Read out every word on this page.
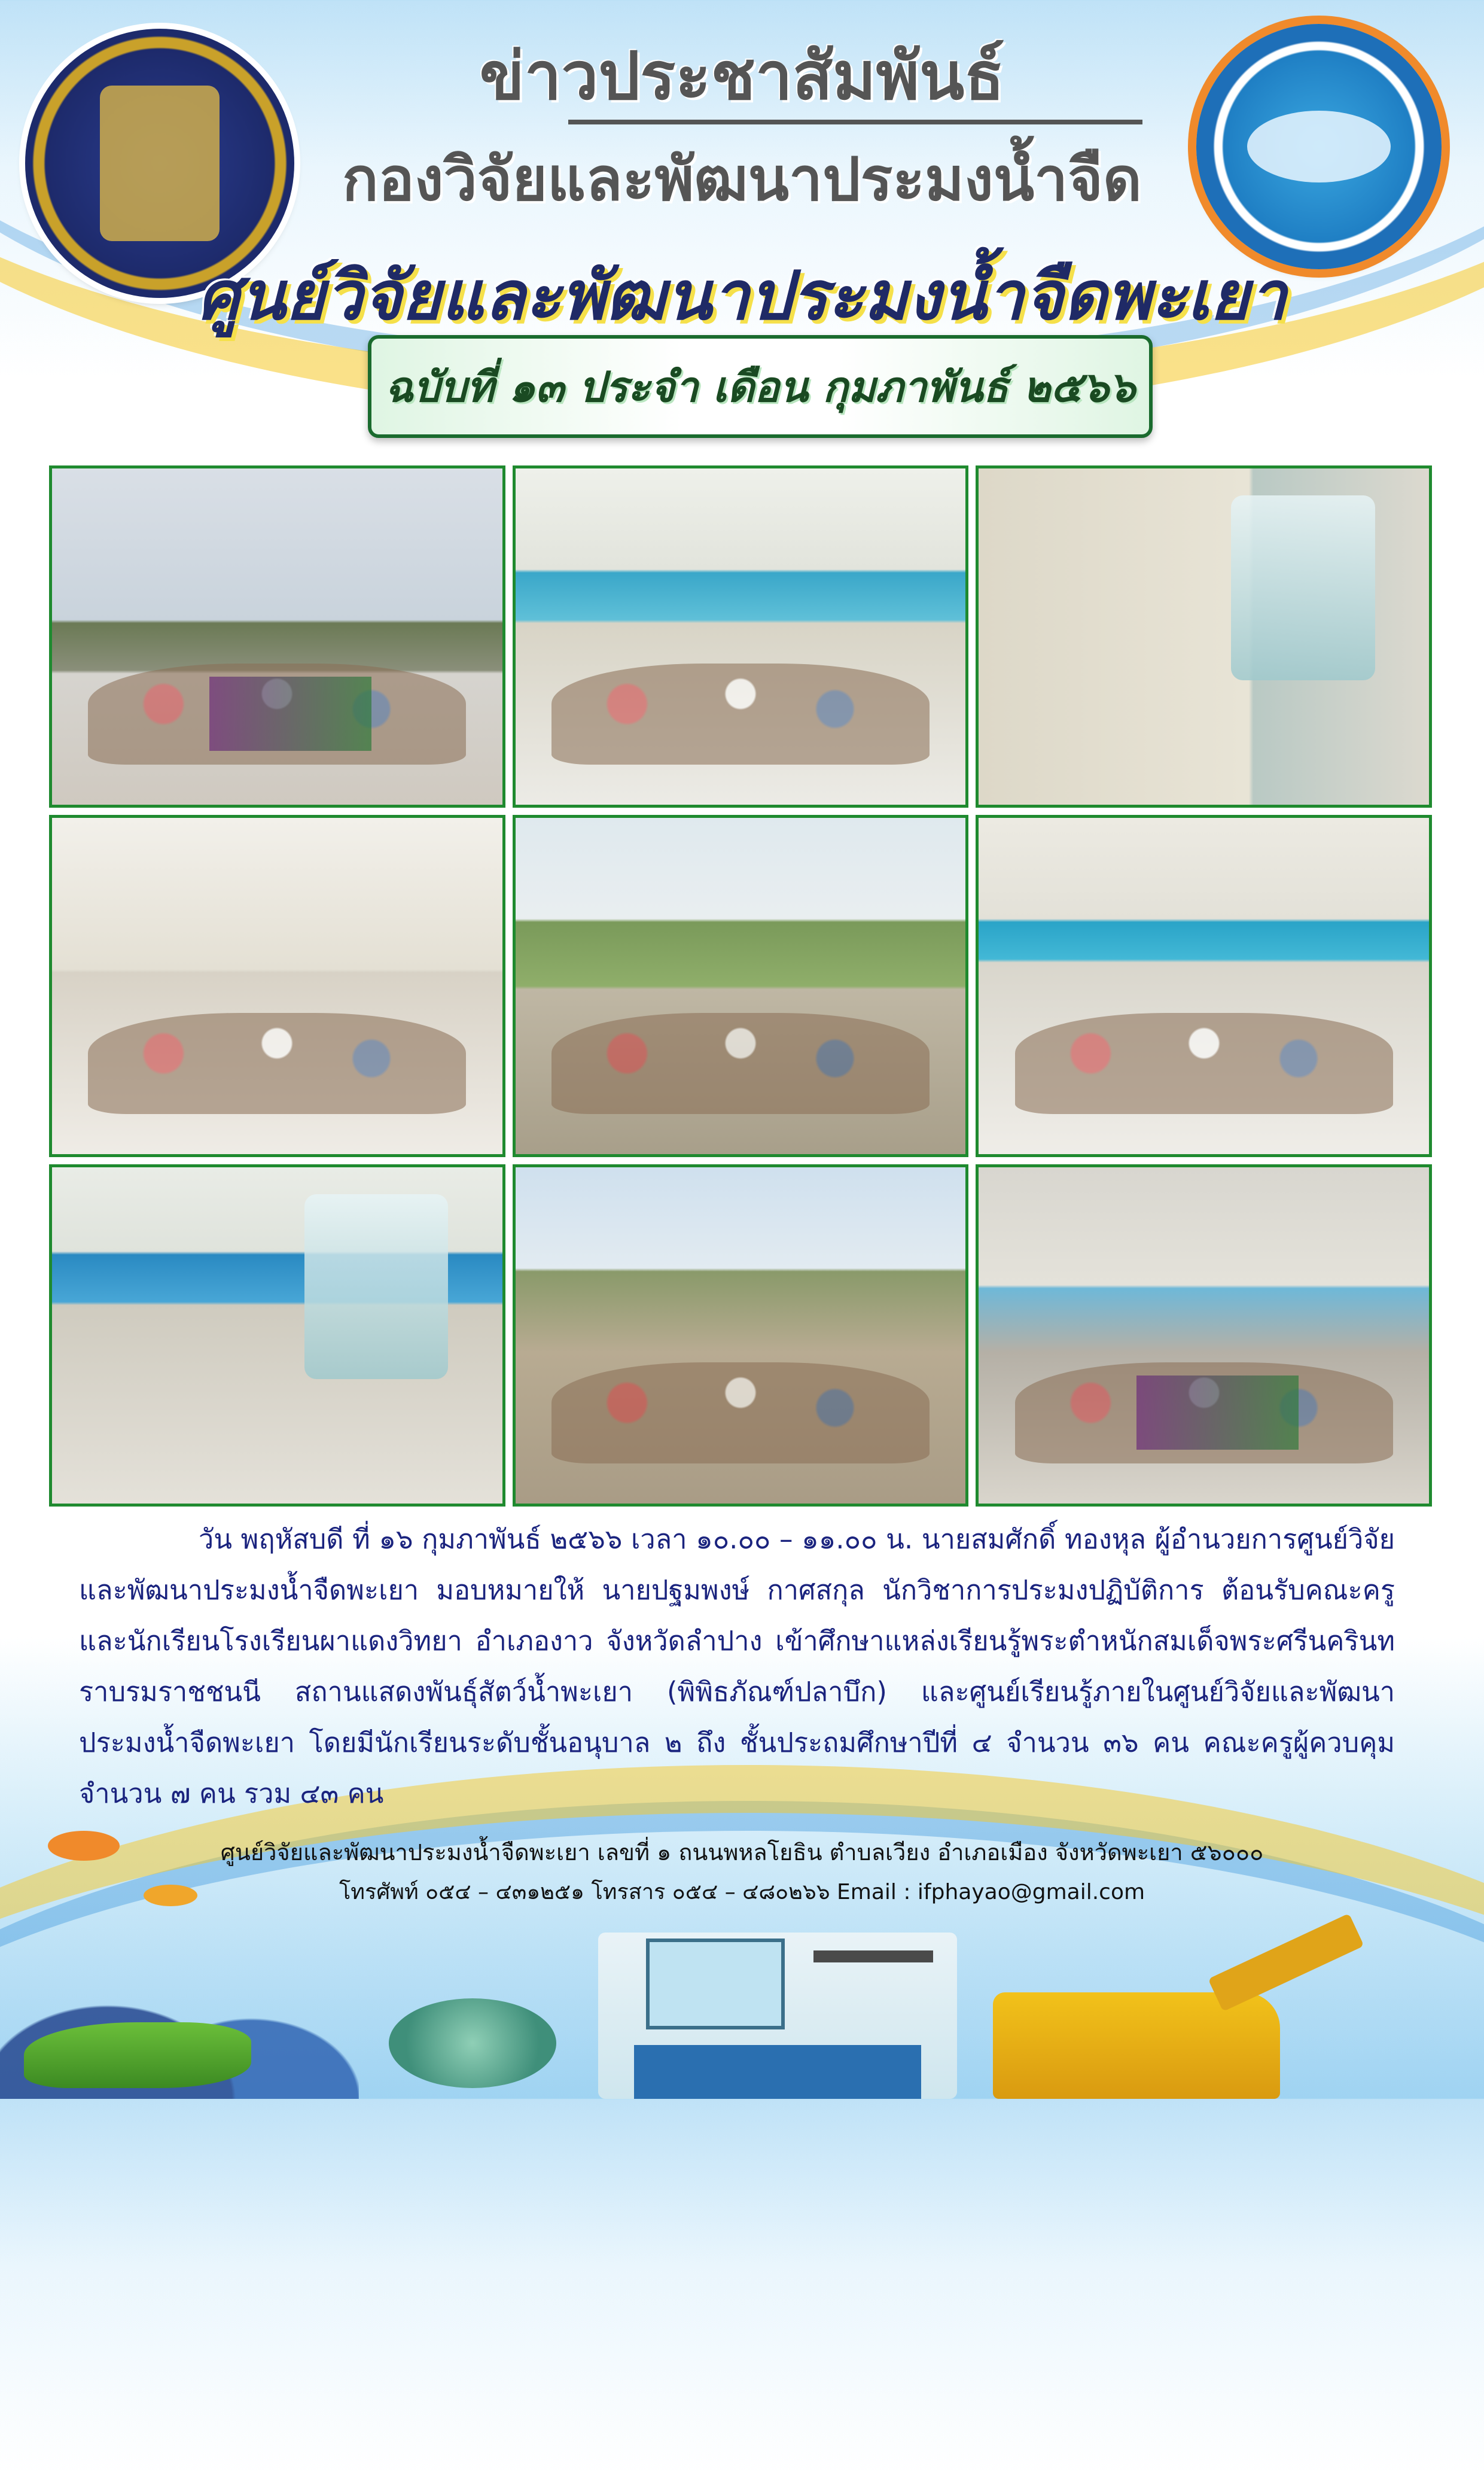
ข่าวประชาสัมพันธ์
กองวิจัยและพัฒนาประมงน้ำจืด
ศูนย์วิจัยและพัฒนาประมงน้ำจืดพะเยา
ฉบับที่ ๑๓ ประจำ เดือน กุมภาพันธ์ ๒๕๖๖

วัน พฤหัสบดี ที่ ๑๖ กุมภาพันธ์ ๒๕๖๖ เวลา ๑๐.๐๐ – ๑๑.๐๐ น. นายสมศักดิ์ ทองหุล ผู้อำนวยการศูนย์วิจัยและพัฒนาประมงน้ำจืดพะเยา มอบหมายให้ นายปฐมพงษ์ กาศสกุล นักวิชาการประมงปฏิบัติการ ต้อนรับคณะครูและนักเรียนโรงเรียนผาแดงวิทยา อำเภองาว จังหวัดลำปาง เข้าศึกษาแหล่งเรียนรู้พระตำหนักสมเด็จพระศรีนครินทราบรมราชชนนี สถานแสดงพันธุ์สัตว์น้ำพะเยา (พิพิธภัณฑ์ปลาบึก) และศูนย์เรียนรู้ภายในศูนย์วิจัยและพัฒนาประมงน้ำจืดพะเยา โดยมีนักเรียนระดับชั้นอนุบาล ๒ ถึง ชั้นประถมศึกษาปีที่ ๔ จำนวน ๓๖ คน คณะครูผู้ควบคุม จำนวน ๗ คน รวม ๔๓ คน

ศูนย์วิจัยและพัฒนาประมงน้ำจืดพะเยา เลขที่ ๑ ถนนพหลโยธิน ตำบลเวียง อำเภอเมือง จังหวัดพะเยา ๕๖๐๐๐
โทรศัพท์ ๐๕๔ – ๔๓๑๒๕๑ โทรสาร ๐๕๔ – ๔๘๐๒๖๖ Email : ifphayao@gmail.com
